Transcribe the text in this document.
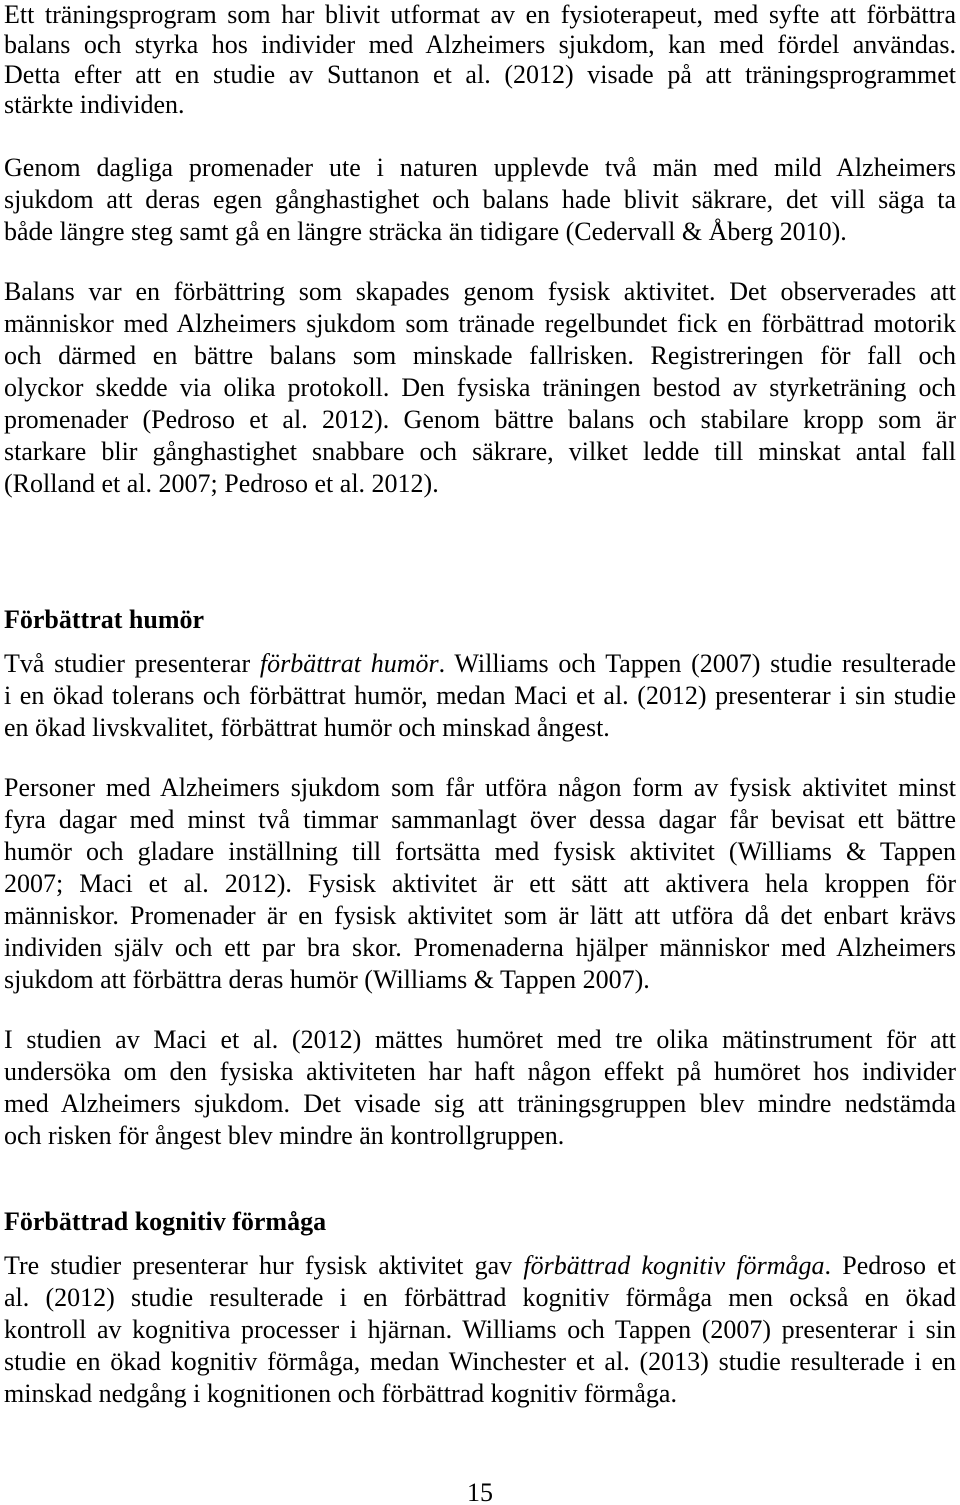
Ett träningsprogram som har blivit utformat av en fysioterapeut, med syfte att förbättra
balans och styrka hos individer med Alzheimers sjukdom, kan med fördel användas.
Detta efter att en studie av Suttanon et al. (2012) visade på att träningsprogrammet
stärkte individen.
Genom dagliga promenader ute i naturen upplevde två män med mild Alzheimers
sjukdom att deras egen gånghastighet och balans hade blivit säkrare, det vill säga ta
både längre steg samt gå en längre sträcka än tidigare (Cedervall & Åberg 2010).
Balans var en förbättring som skapades genom fysisk aktivitet. Det observerades att
människor med Alzheimers sjukdom som tränade regelbundet fick en förbättrad motorik
och därmed en bättre balans som minskade fallrisken. Registreringen för fall och
olyckor skedde via olika protokoll. Den fysiska träningen bestod av styrketräning och
promenader (Pedroso et al. 2012). Genom bättre balans och stabilare kropp som är
starkare blir gånghastighet snabbare och säkrare, vilket ledde till minskat antal fall
(Rolland et al. 2007; Pedroso et al. 2012).
Förbättrat humör
Två studier presenterar förbättrat humör. Williams och Tappen (2007) studie resulterade
i en ökad tolerans och förbättrat humör, medan Maci et al. (2012) presenterar i sin studie
en ökad livskvalitet, förbättrat humör och minskad ångest.
Personer med Alzheimers sjukdom som får utföra någon form av fysisk aktivitet minst
fyra dagar med minst två timmar sammanlagt över dessa dagar får bevisat ett bättre
humör och gladare inställning till fortsätta med fysisk aktivitet (Williams & Tappen
2007; Maci et al. 2012). Fysisk aktivitet är ett sätt att aktivera hela kroppen för
människor. Promenader är en fysisk aktivitet som är lätt att utföra då det enbart krävs
individen själv och ett par bra skor. Promenaderna hjälper människor med Alzheimers
sjukdom att förbättra deras humör (Williams & Tappen 2007).
I studien av Maci et al. (2012) mättes humöret med tre olika mätinstrument för att
undersöka om den fysiska aktiviteten har haft någon effekt på humöret hos individer
med Alzheimers sjukdom. Det visade sig att träningsgruppen blev mindre nedstämda
och risken för ångest blev mindre än kontrollgruppen.
Förbättrad kognitiv förmåga
Tre studier presenterar hur fysisk aktivitet gav förbättrad kognitiv förmåga. Pedroso et
al. (2012) studie resulterade i en förbättrad kognitiv förmåga men också en ökad
kontroll av kognitiva processer i hjärnan. Williams och Tappen (2007) presenterar i sin
studie en ökad kognitiv förmåga, medan Winchester et al. (2013) studie resulterade i en
minskad nedgång i kognitionen och förbättrad kognitiv förmåga.
15
